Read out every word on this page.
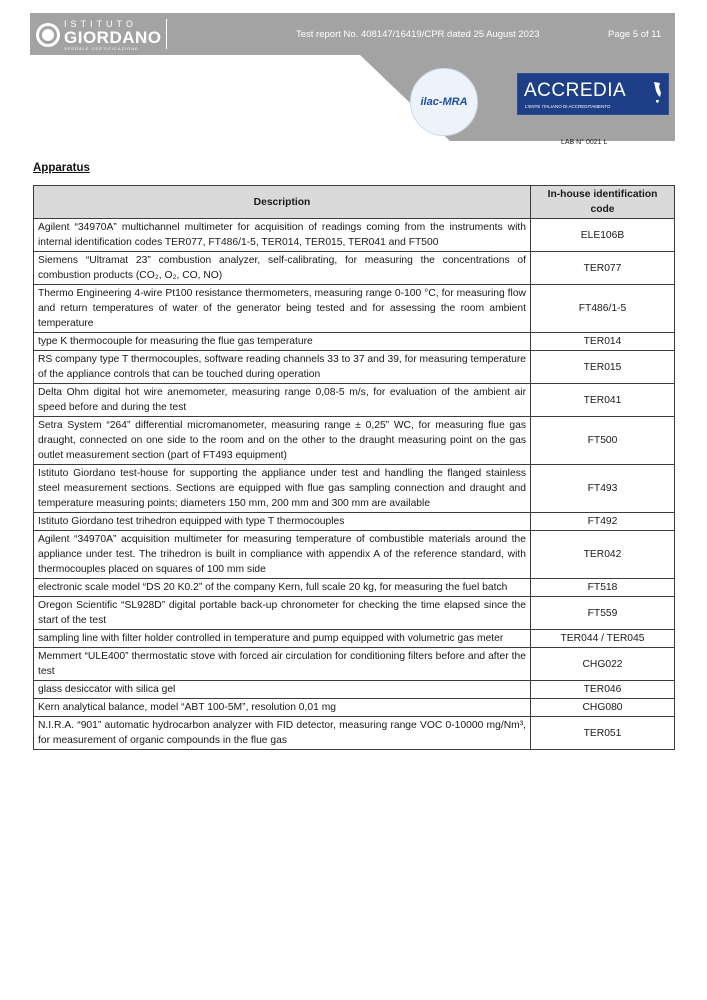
ISTITUTO
GIORDANO
SPEDALE CERTIFICAZIONE
Test report No. 408147/16419/CPR dated 25 August 2023	Page 5 of 11
ilac-MRA
ACCREDIA
L'ENTE ITALIANO DI ACCREDITAMENTO
LAB N° 0021 L
Apparatus
Description	In-house identification code
Agilent “34970A” multichannel multimeter for acquisition of readings coming from the instruments with internal identification codes TER077, FT486/1-5, TER014, TER015, TER041 and FT500	ELE106B
Siemens “Ultramat 23” combustion analyzer, self-calibrating, for measuring the concentrations of combustion products (CO₂, O₂, CO, NO)	TER077
Thermo Engineering 4-wire Pt100 resistance thermometers, measuring range 0-100 °C, for measuring flow and return temperatures of water of the generator being tested and for assessing the room ambient temperature	FT486/1-5
type K thermocouple for measuring the flue gas temperature	TER014
RS company type T thermocouples, software reading channels 33 to 37 and 39, for measuring temperature of the appliance controls that can be touched during operation	TER015
Delta Ohm digital hot wire anemometer, measuring range 0,08-5 m/s, for evaluation of the ambient air speed before and during the test	TER041
Setra System “264” differential micromanometer, measuring range ± 0,25” WC, for measuring flue gas draught, connected on one side to the room and on the other to the draught measuring point on the gas outlet measurement section (part of FT493 equipment)	FT500
Istituto Giordano test-house for supporting the appliance under test and handling the flanged stainless steel measurement sections. Sections are equipped with flue gas sampling connection and draught and temperature measuring points; diameters 150 mm, 200 mm and 300 mm are available	FT493
Istituto Giordano test trihedron equipped with type T thermocouples	FT492
Agilent “34970A” acquisition multimeter for measuring temperature of combustible materials around the appliance under test. The trihedron is built in compliance with appendix A of the reference standard, with thermocouples placed on squares of 100 mm side	TER042
electronic scale model “DS 20 K0.2” of the company Kern, full scale 20 kg, for measuring the fuel batch	FT518
Oregon Scientific “SL928D” digital portable back-up chronometer for checking the time elapsed since the start of the test	FT559
sampling line with filter holder controlled in temperature and pump equipped with volumetric gas meter	TER044 / TER045
Memmert “ULE400” thermostatic stove with forced air circulation for conditioning filters before and after the test	CHG022
glass desiccator with silica gel	TER046
Kern analytical balance, model “ABT 100-5M”, resolution 0,01 mg	CHG080
N.I.R.A. “901” automatic hydrocarbon analyzer with FID detector, measuring range VOC 0-10000 mg/Nm³, for measurement of organic compounds in the flue gas	TER051
